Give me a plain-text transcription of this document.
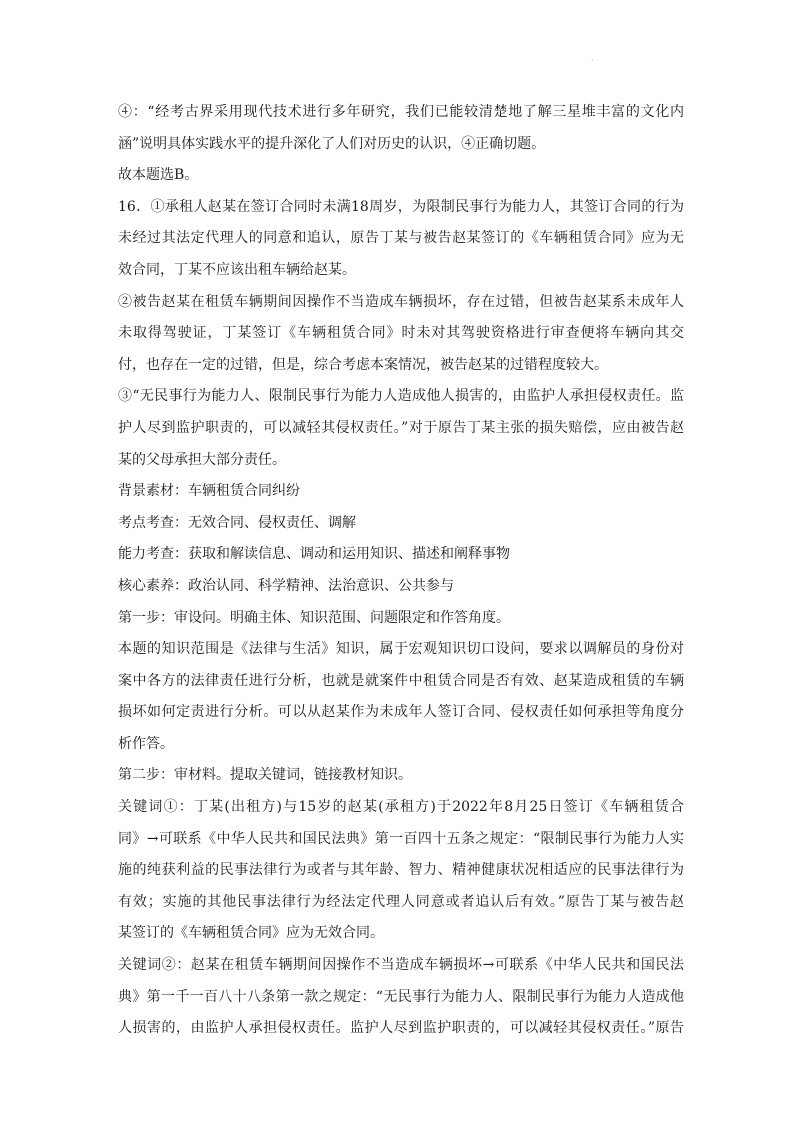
·
④：“经考古界采用现代技术进行多年研究，我们已能较清楚地了解三星堆丰富的文化内
涵”说明具体实践水平的提升深化了人们对历史的认识，④正确切题。
故本题选B。
16．①承租人赵某在签订合同时未满18周岁，为限制民事行为能力人，其签订合同的行为
未经过其法定代理人的同意和追认，原告丁某与被告赵某签订的《车辆租赁合同》应为无
效合同，丁某不应该出租车辆给赵某。
②被告赵某在租赁车辆期间因操作不当造成车辆损坏，存在过错，但被告赵某系未成年人
未取得驾驶证，丁某签订《车辆租赁合同》时未对其驾驶资格进行审查便将车辆向其交
付，也存在一定的过错，但是，综合考虑本案情况，被告赵某的过错程度较大。
③“无民事行为能力人、限制民事行为能力人造成他人损害的，由监护人承担侵权责任。监
护人尽到监护职责的，可以减轻其侵权责任。”对于原告丁某主张的损失赔偿，应由被告赵
某的父母承担大部分责任。
背景素材：车辆租赁合同纠纷
考点考查：无效合同、侵权责任、调解
能力考查：获取和解读信息、调动和运用知识、描述和阐释事物
核心素养：政治认同、科学精神、法治意识、公共参与
第一步：审设问。明确主体、知识范围、问题限定和作答角度。
本题的知识范围是《法律与生活》知识，属于宏观知识切口设问，要求以调解员的身份对
案中各方的法律责任进行分析，也就是就案件中租赁合同是否有效、赵某造成租赁的车辆
损坏如何定责进行分析。可以从赵某作为未成年人签订合同、侵权责任如何承担等角度分
析作答。
第二步：审材料。提取关键词，链接教材知识。
关键词①：丁某(出租方)与15岁的赵某(承租方)于2022年8月25日签订《车辆租赁合
同》→可联系《中华人民共和国民法典》第一百四十五条之规定：“限制民事行为能力人实
施的纯获利益的民事法律行为或者与其年龄、智力、精神健康状况相适应的民事法律行为
有效；实施的其他民事法律行为经法定代理人同意或者追认后有效。”原告丁某与被告赵
某签订的《车辆租赁合同》应为无效合同。
关键词②：赵某在租赁车辆期间因操作不当造成车辆损坏→可联系《中华人民共和国民法
典》第一千一百八十八条第一款之规定：“无民事行为能力人、限制民事行为能力人造成他
人损害的，由监护人承担侵权责任。监护人尽到监护职责的，可以减轻其侵权责任。”原告
